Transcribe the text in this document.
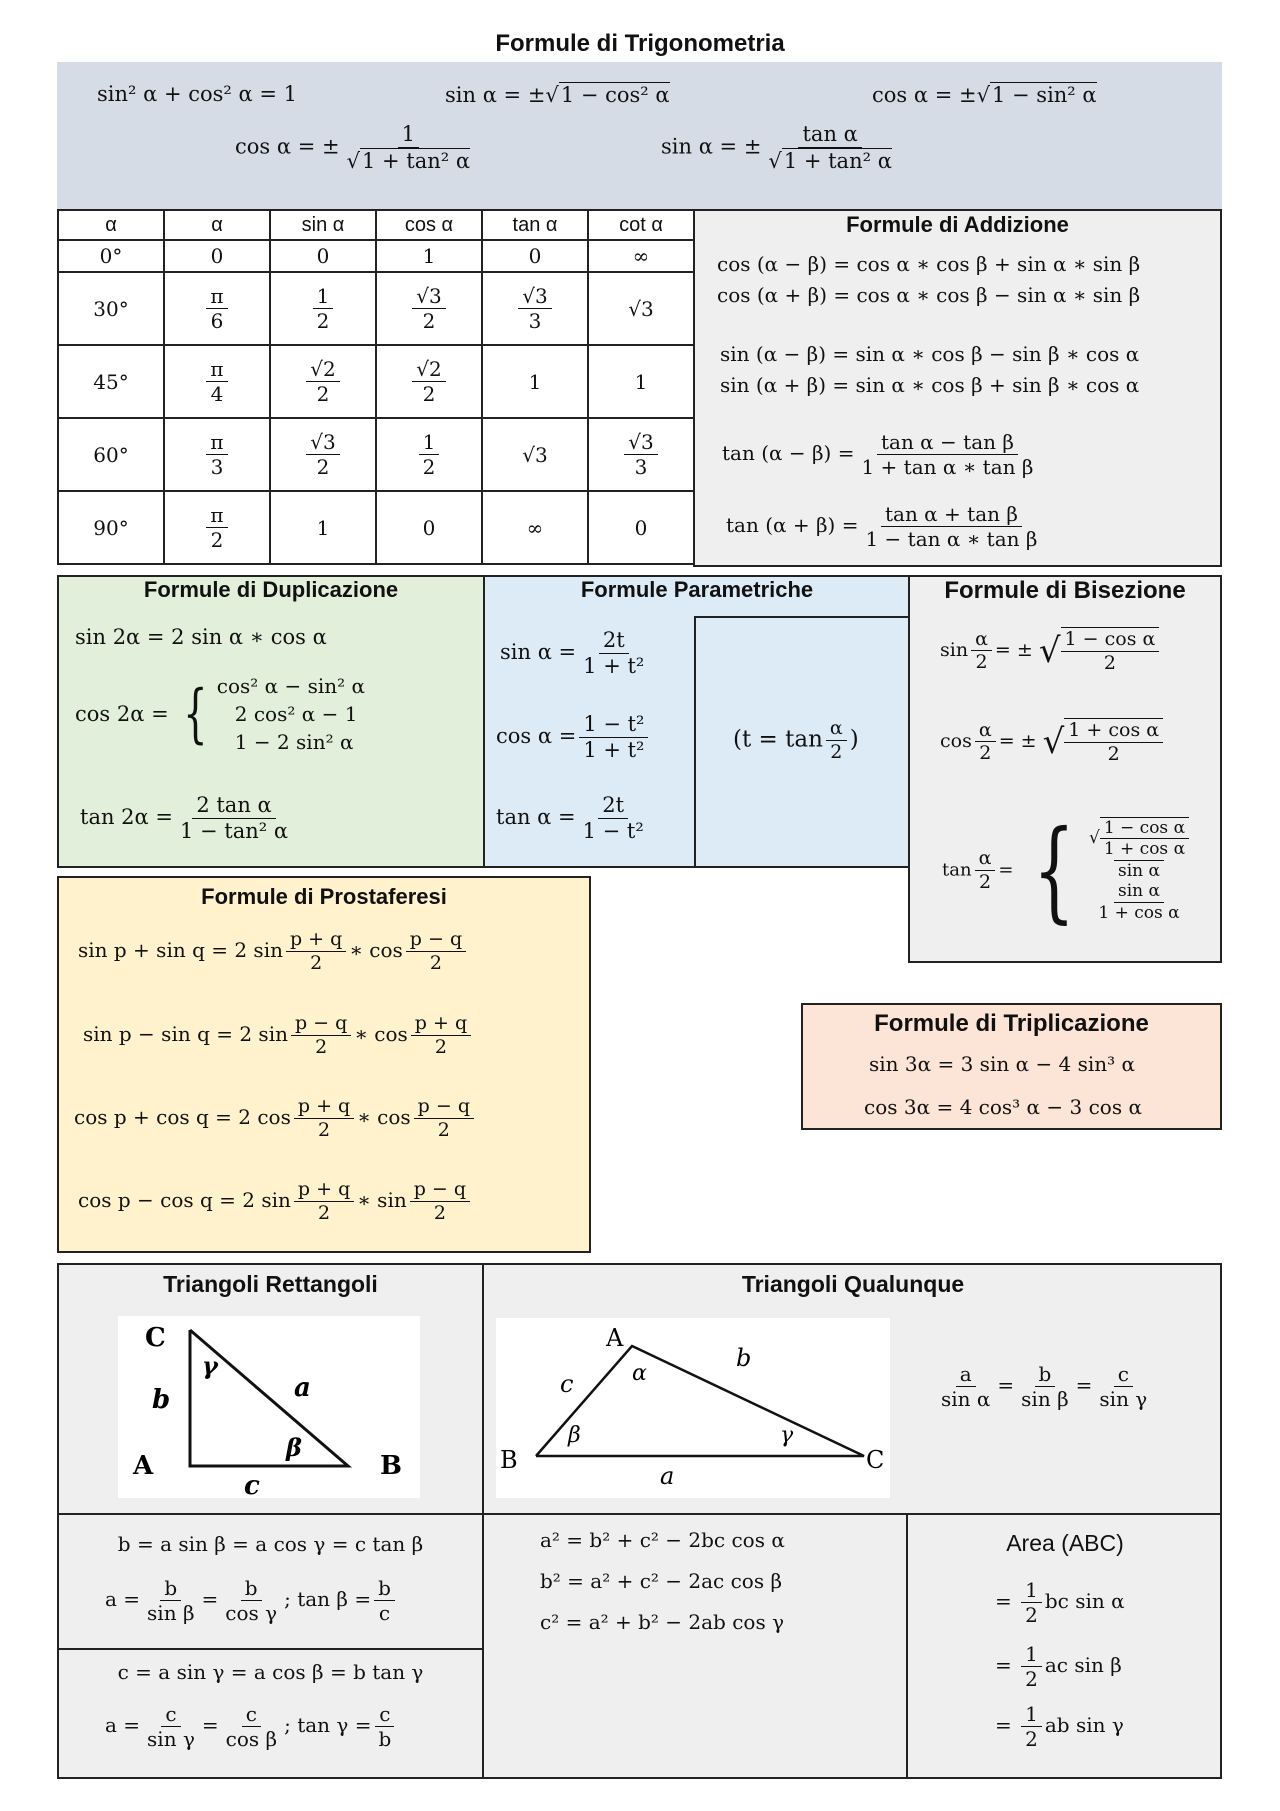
Formule di Trigonometria
sin² α + cos² α = 1	sin α = ±√1 − cos² α	cos α = ±√1 − sin² α
cos α = ± $\frac{1}{\text{√1 + tan² α}}$	sin α = ± $\frac{\text{tan α}}{\text{√1 + tan² α}}$
α	α	sin α	cos α	tan α	cot α
0°	0	0	1	0	∞
30°	$\frac{\pi}{6}$	$\frac{1}{2}$	$\frac{√3}{2}$	$\frac{√3}{3}$	√3
45°	$\frac{\pi}{4}$	$\frac{√2}{2}$	$\frac{√2}{2}$	1	1
60°	$\frac{\pi}{3}$	$\frac{√3}{2}$	$\frac{1}{2}$	√3	$\frac{√3}{3}$

90°	$\frac{\pi}{2}$	1	0	∞	0
Formule di Addizione
cos (α − β) = cos α ∗ cos β + sin α ∗ sin β
cos (α + β) = cos α ∗ cos β − sin α ∗ sin β
sin (α − β) = sin α ∗ cos β − sin β ∗ cos α
sin (α + β) = sin α ∗ cos β + sin β ∗ cos α
$\tan (\alpha - \beta) = \frac{\text{tan α − tan β}}{\text{1 + tan α ∗ tan β}}$
$\tan (\alpha + \beta) = \frac{\text{tan α + tan β}}{\text{1 − tan α ∗ tan β}}$
Formule di Duplicazione
sin 2α = 2 sin α ∗ cos α
cos 2α = { cos² α − sin² α
2 cos² α − 1
1 − 2 sin² α
$\tan 2\alpha = \frac{\text{2 tan α}}{\text{1 − tan² α}}$
Formule Parametriche
$\sin \alpha = \frac{2t}{\text{1 + t²}}$
$\cos \alpha = \frac{\text{1 − t²}}{\text{1 + t²}}$
$\tan \alpha = \frac{2t}{\text{1 − t²}}$
($t = \tan \frac{\alpha}{2}$ )
Formule di Bisezione
$\sin \frac{\alpha}{2}$ = ± √ $\frac{\text{1 − cos α}}{2}$
$\cos \frac{\alpha}{2}$ = ± √ $\frac{\text{1 + cos α}}{2}$
$\tan \frac{\alpha}{2}$ = { √ $\frac{\text{1 − cos α}}{\text{1 + cos α}}$
sin α
$\frac{\text{sin α}}{\text{1 + cos α}}$
Formule di Prostaferesi
sin p + sin q = 2 $\sin \frac{p + q}{2}$ ∗ $\cos \frac{p - q}{2}$
sin p − sin q = 2 $\sin \frac{p - q}{2}$ ∗ $\cos \frac{p + q}{2}$
cos p + cos q = 2 $\cos \frac{p + q}{2}$ ∗ $\cos \frac{p - q}{2}$
cos p − cos q = 2 $\sin \frac{p + q}{2}$ ∗ $\sin \frac{p - q}{2}$
Formule di Triplicazione
sin 3α = 3 sin α − 4 sin³ α
cos 3α = 4 cos³ α − 3 cos α
Triangoli Rettangoli	Triangoli Qualunque
C
A	B
b	a
c
γ
β
A
B	C
c
b
a
α
β	γ
$\frac{a}{\text{sin α}} = \frac{b}{\text{sin β}} = \frac{c}{\text{sin γ}}$
b = a sin β = a cos γ = c tan β
$a = \frac{b}{\text{sin β}} = \frac{b}{\text{cos γ}}$ ; $\tan \beta = \frac{b}{c}$
c = a sin γ = a cos β = b tan γ
$a = \frac{c}{\text{sin γ}} = \frac{c}{\text{cos β}}$ ; $\tan \gamma = \frac{c}{b}$
a² = b² + c² − 2bc cos α
b² = a² + c² − 2ac cos β
c² = a² + b² − 2ab cos γ
Area (ABC)
= $\frac{1}{2}$ bc sin α
= $\frac{1}{2}$ ac sin β
= $\frac{1}{2}$ ab sin γ
